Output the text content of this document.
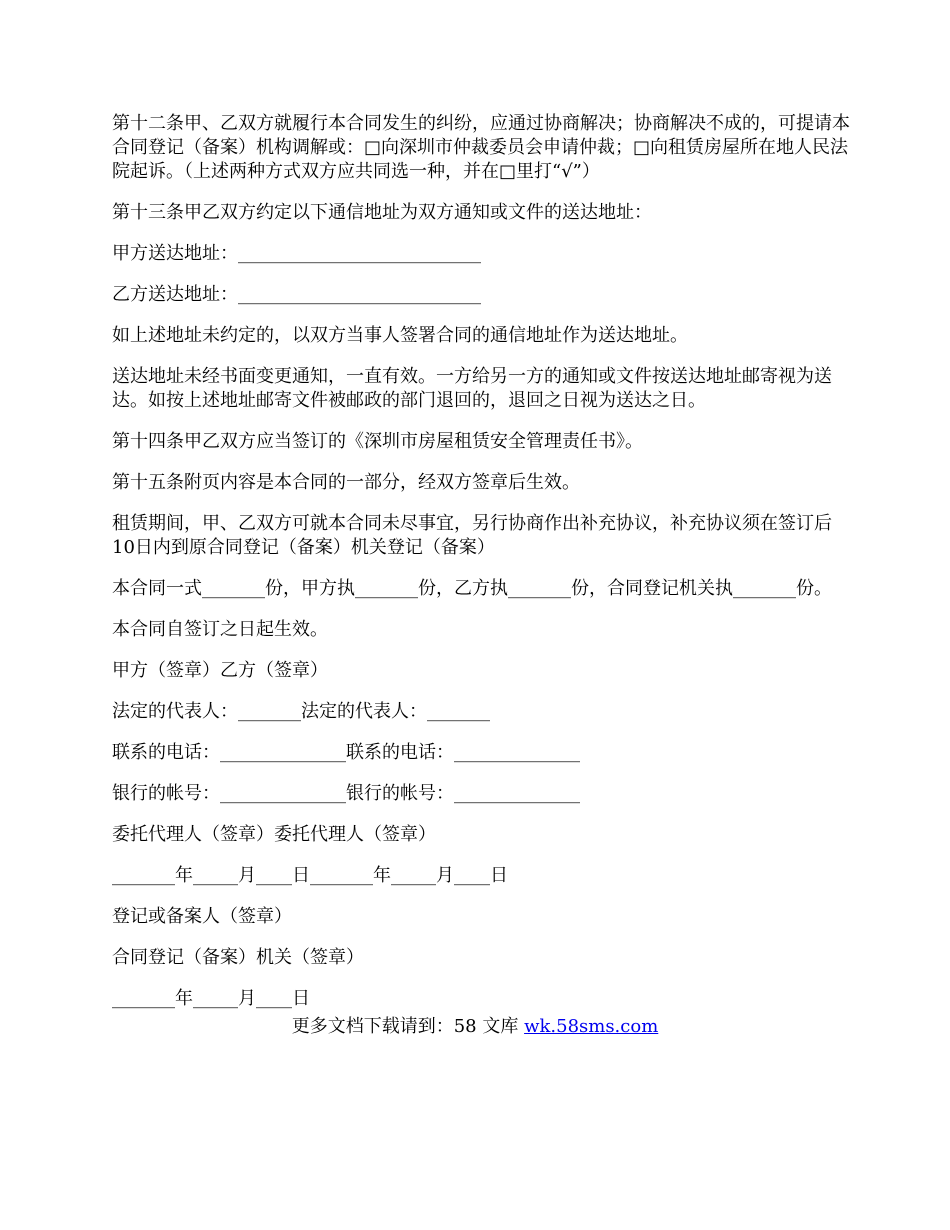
第十二条甲、乙双方就履行本合同发生的纠纷，应通过协商解决；协商解决不成的，可提请本合同登记（备案）机构调解或：□向深圳市仲裁委员会申请仲裁；□向租赁房屋所在地人民法院起诉。（上述两种方式双方应共同选一种，并在□里打“√”）

第十三条甲乙双方约定以下通信地址为双方通知或文件的送达地址：

甲方送达地址：___________________________

乙方送达地址：___________________________

如上述地址未约定的，以双方当事人签署合同的通信地址作为送达地址。

送达地址未经书面变更通知，一直有效。一方给另一方的通知或文件按送达地址邮寄视为送达。如按上述地址邮寄文件被邮政的部门退回的，退回之日视为送达之日。

第十四条甲乙双方应当签订的《深圳市房屋租赁安全管理责任书》。

第十五条附页内容是本合同的一部分，经双方签章后生效。

租赁期间，甲、乙双方可就本合同未尽事宜，另行协商作出补充协议，补充协议须在签订后10日内到原合同登记（备案）机关登记（备案）

本合同一式_______份，甲方执_______份，乙方执_______份，合同登记机关执_______份。

本合同自签订之日起生效。

甲方（签章）乙方（签章）

法定的代表人：_______法定的代表人：_______

联系的电话：______________联系的电话：______________

银行的帐号：______________银行的帐号：______________

委托代理人（签章）委托代理人（签章）

_______年_____月____日_______年_____月____日

登记或备案人（签章）

合同登记（备案）机关（签章）

_______年_____月____日

更多文档下载请到：58 文库 wk.58sms.com
